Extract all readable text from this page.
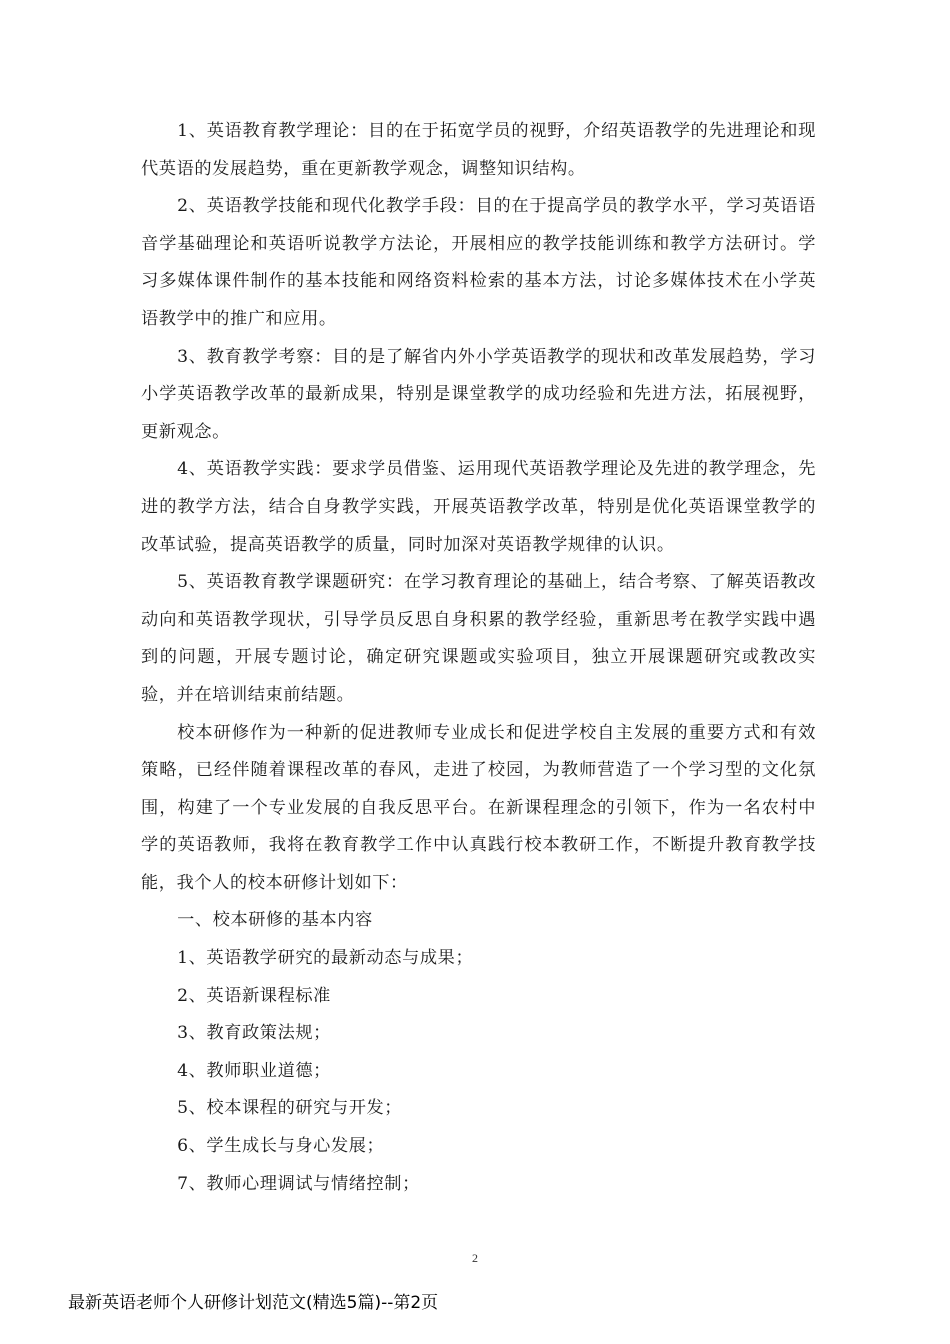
1、英语教育教学理论：目的在于拓宽学员的视野，介绍英语教学的先进理论和现代英语的发展趋势，重在更新教学观念，调整知识结构。

2、英语教学技能和现代化教学手段：目的在于提高学员的教学水平，学习英语语音学基础理论和英语听说教学方法论，开展相应的教学技能训练和教学方法研讨。学习多媒体课件制作的基本技能和网络资料检索的基本方法，讨论多媒体技术在小学英语教学中的推广和应用。

3、教育教学考察：目的是了解省内外小学英语教学的现状和改革发展趋势，学习小学英语教学改革的最新成果，特别是课堂教学的成功经验和先进方法，拓展视野，更新观念。

4、英语教学实践：要求学员借鉴、运用现代英语教学理论及先进的教学理念，先进的教学方法，结合自身教学实践，开展英语教学改革，特别是优化英语课堂教学的改革试验，提高英语教学的质量，同时加深对英语教学规律的认识。

5、英语教育教学课题研究：在学习教育理论的基础上，结合考察、了解英语教改动向和英语教学现状，引导学员反思自身积累的教学经验，重新思考在教学实践中遇到的问题，开展专题讨论，确定研究课题或实验项目，独立开展课题研究或教改实验，并在培训结束前结题。

校本研修作为一种新的促进教师专业成长和促进学校自主发展的重要方式和有效策略，已经伴随着课程改革的春风，走进了校园，为教师营造了一个学习型的文化氛围，构建了一个专业发展的自我反思平台。在新课程理念的引领下，作为一名农村中学的英语教师，我将在教育教学工作中认真践行校本教研工作，不断提升教育教学技能，我个人的校本研修计划如下：

一、校本研修的基本内容

1、英语教学研究的最新动态与成果；
2、英语新课程标准
3、教育政策法规；
4、教师职业道德；
5、校本课程的研究与开发；
6、学生成长与身心发展；
7、教师心理调试与情绪控制；
2
最新英语老师个人研修计划范文(精选5篇)--第2页
